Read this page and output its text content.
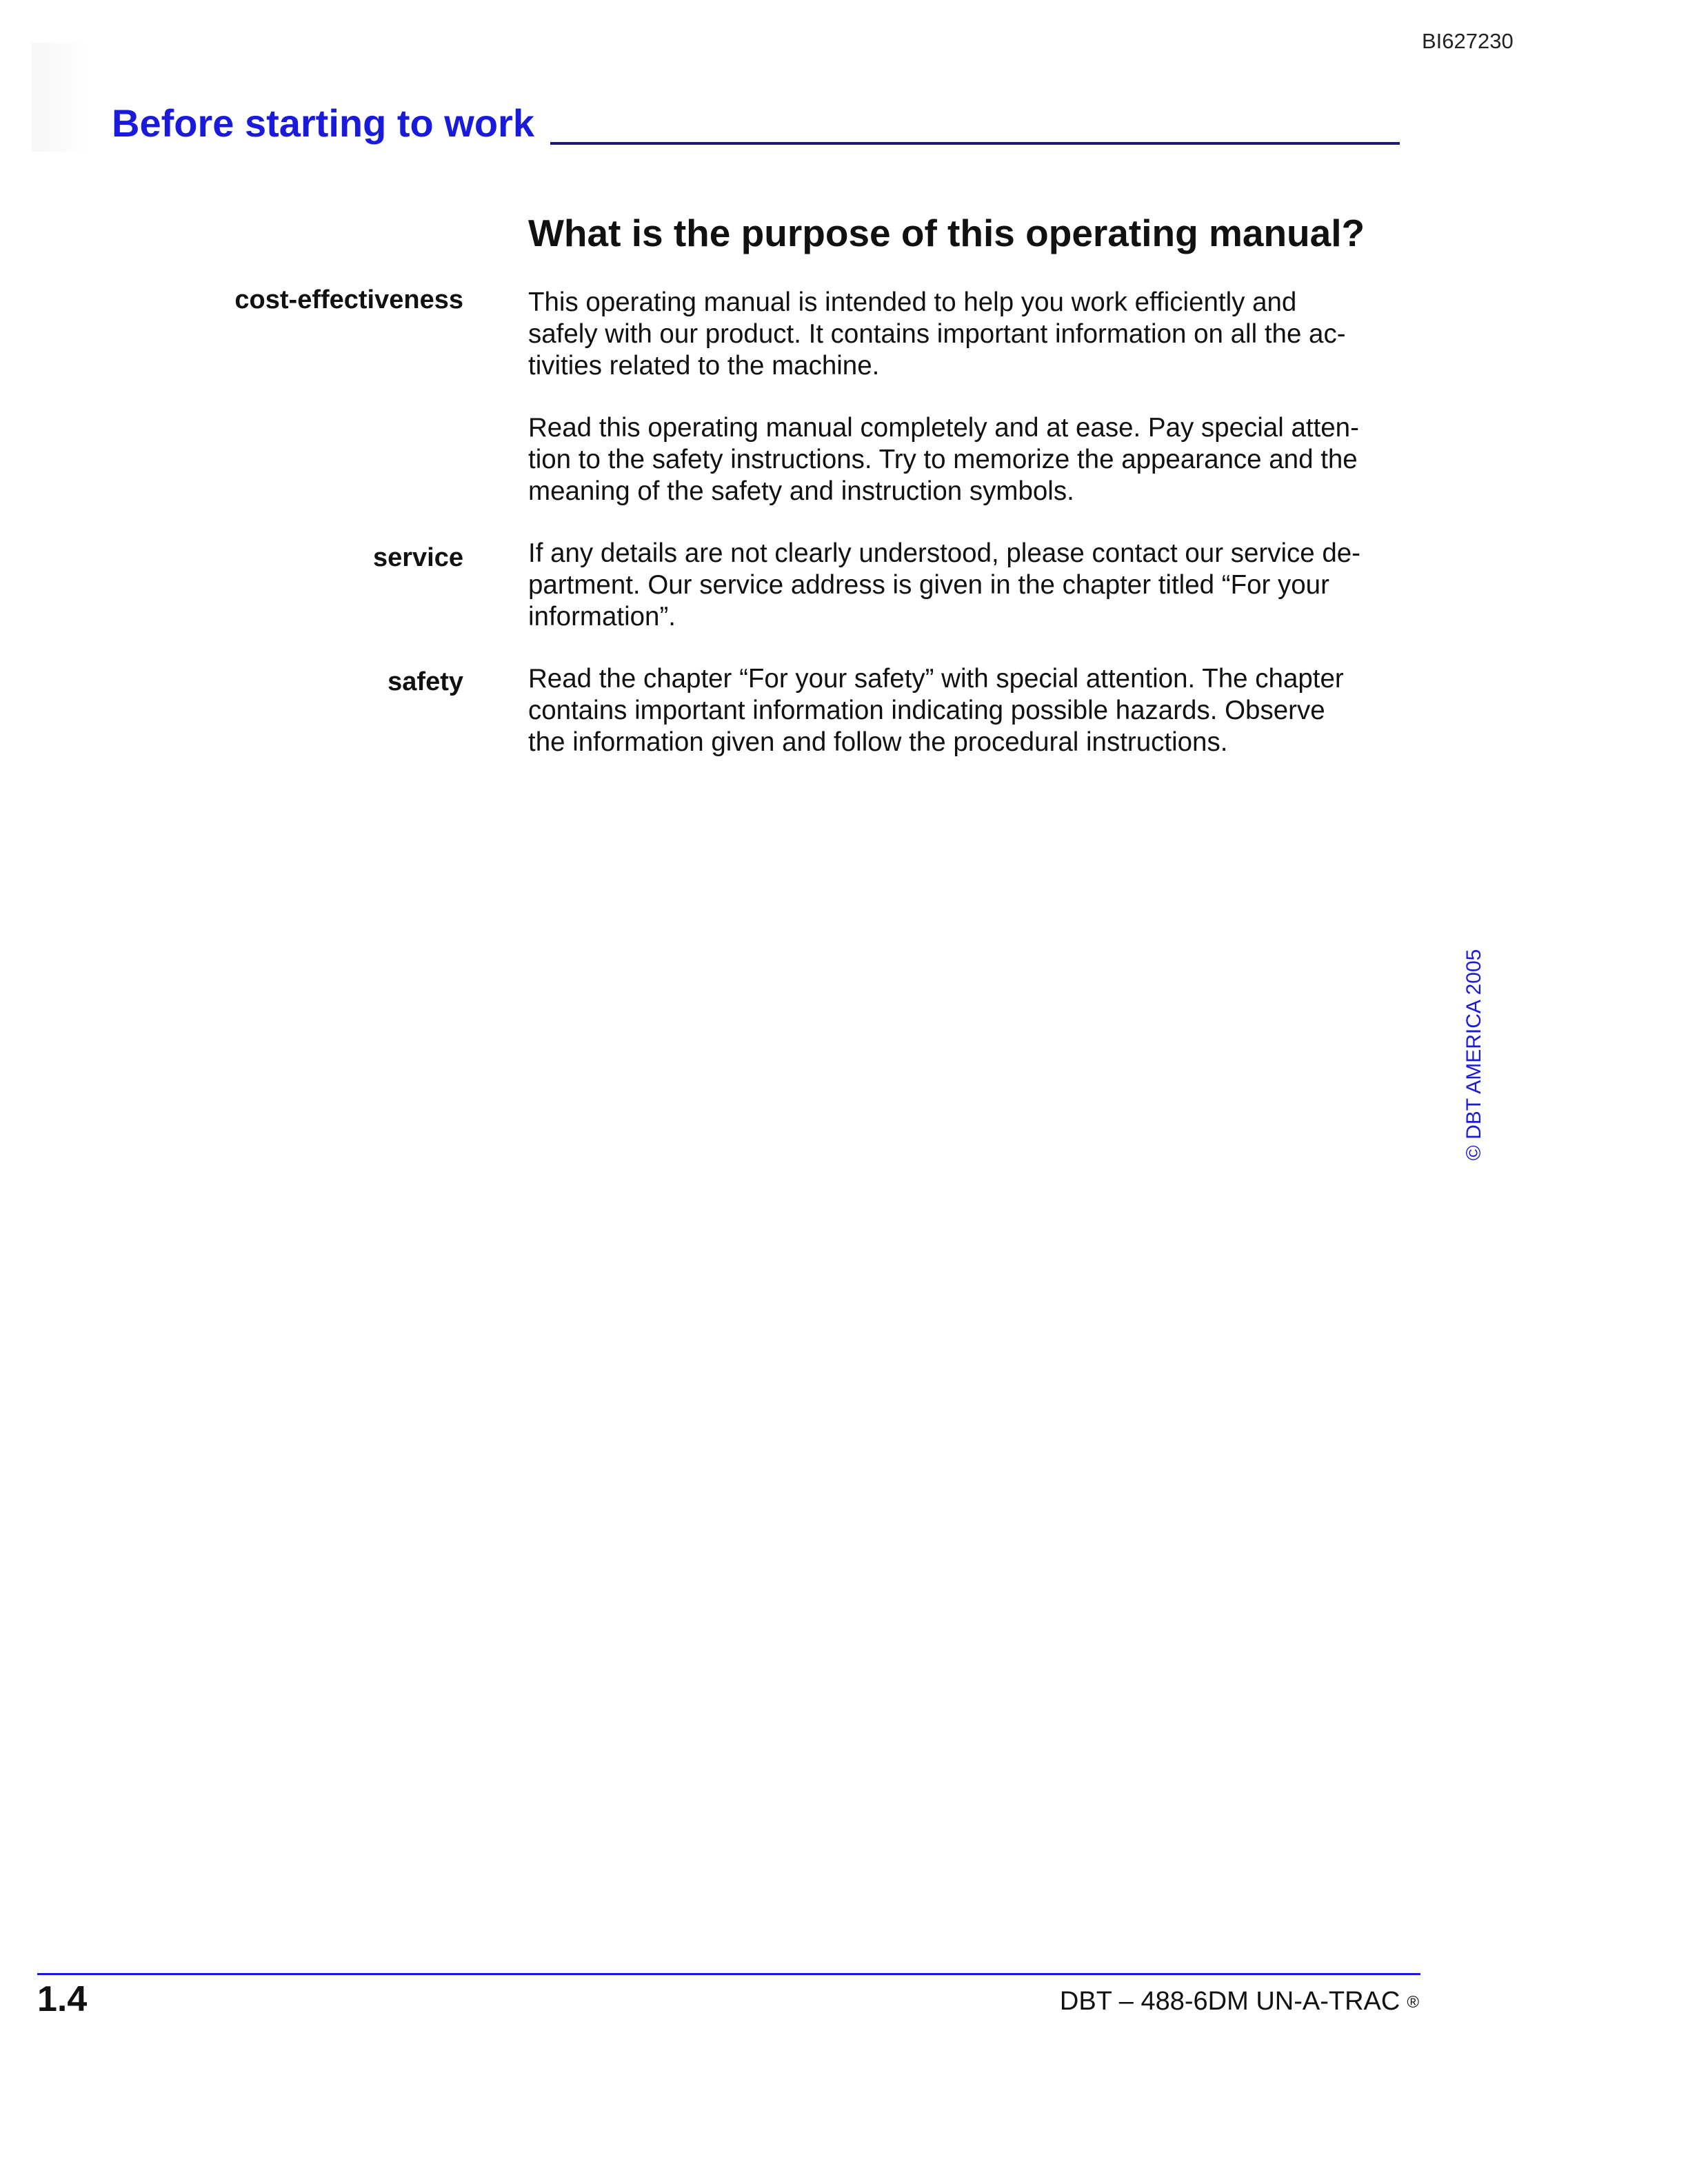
BI627230
Before starting to work
What is the purpose of this operating manual?
cost-effectiveness This operating manual is intended to help you work efficiently and
safely with our product. It contains important information on all the ac-
tivities related to the machine.
Read this operating manual completely and at ease. Pay special atten-
tion to the safety instructions. Try to memorize the appearance and the
meaning of the safety and instruction symbols.
service If any details are not clearly understood, please contact our service de-
partment. Our service address is given in the chapter titled “For your
information”.
safety Read the chapter “For your safety” with special attention. The chapter
contains important information indicating possible hazards. Observe
the information given and follow the procedural instructions.
© DBT AMERICA 2005
1.4	DBT – 488-6DM UN-A-TRAC ®
